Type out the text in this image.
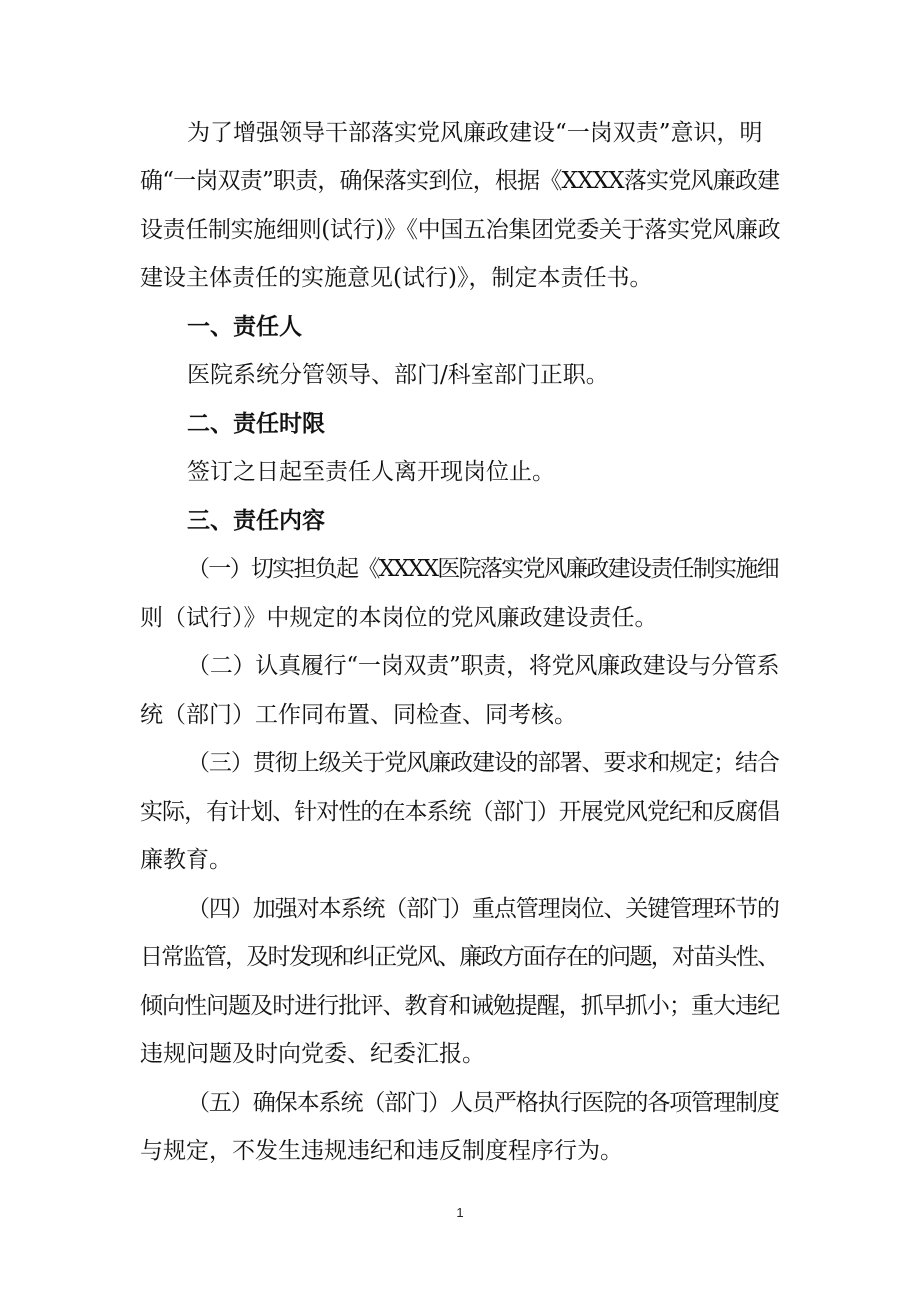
为了增强领导干部落实党风廉政建设“一岗双责”意识，明
确“一岗双责”职责，确保落实到位，根据《XXXX落实党风廉政建
设责任制实施细则(试行)》《中国五冶集团党委关于落实党风廉政
建设主体责任的实施意见(试行)》，制定本责任书。
一、责任人
医院系统分管领导、部门/科室部门正职。
二、责任时限
签订之日起至责任人离开现岗位止。
三、责任内容
（一）切实担负起《XXXX医院落实党风廉政建设责任制实施细
则（试行）》中规定的本岗位的党风廉政建设责任。
（二）认真履行“一岗双责”职责，将党风廉政建设与分管系
统（部门）工作同布置、同检查、同考核。
（三）贯彻上级关于党风廉政建设的部署、要求和规定；结合
实际，有计划、针对性的在本系统（部门）开展党风党纪和反腐倡
廉教育。
（四）加强对本系统（部门）重点管理岗位、关键管理环节的
日常监管，及时发现和纠正党风、廉政方面存在的问题，对苗头性、
倾向性问题及时进行批评、教育和诫勉提醒，抓早抓小；重大违纪
违规问题及时向党委、纪委汇报。
（五）确保本系统（部门）人员严格执行医院的各项管理制度
与规定，不发生违规违纪和违反制度程序行为。
1
